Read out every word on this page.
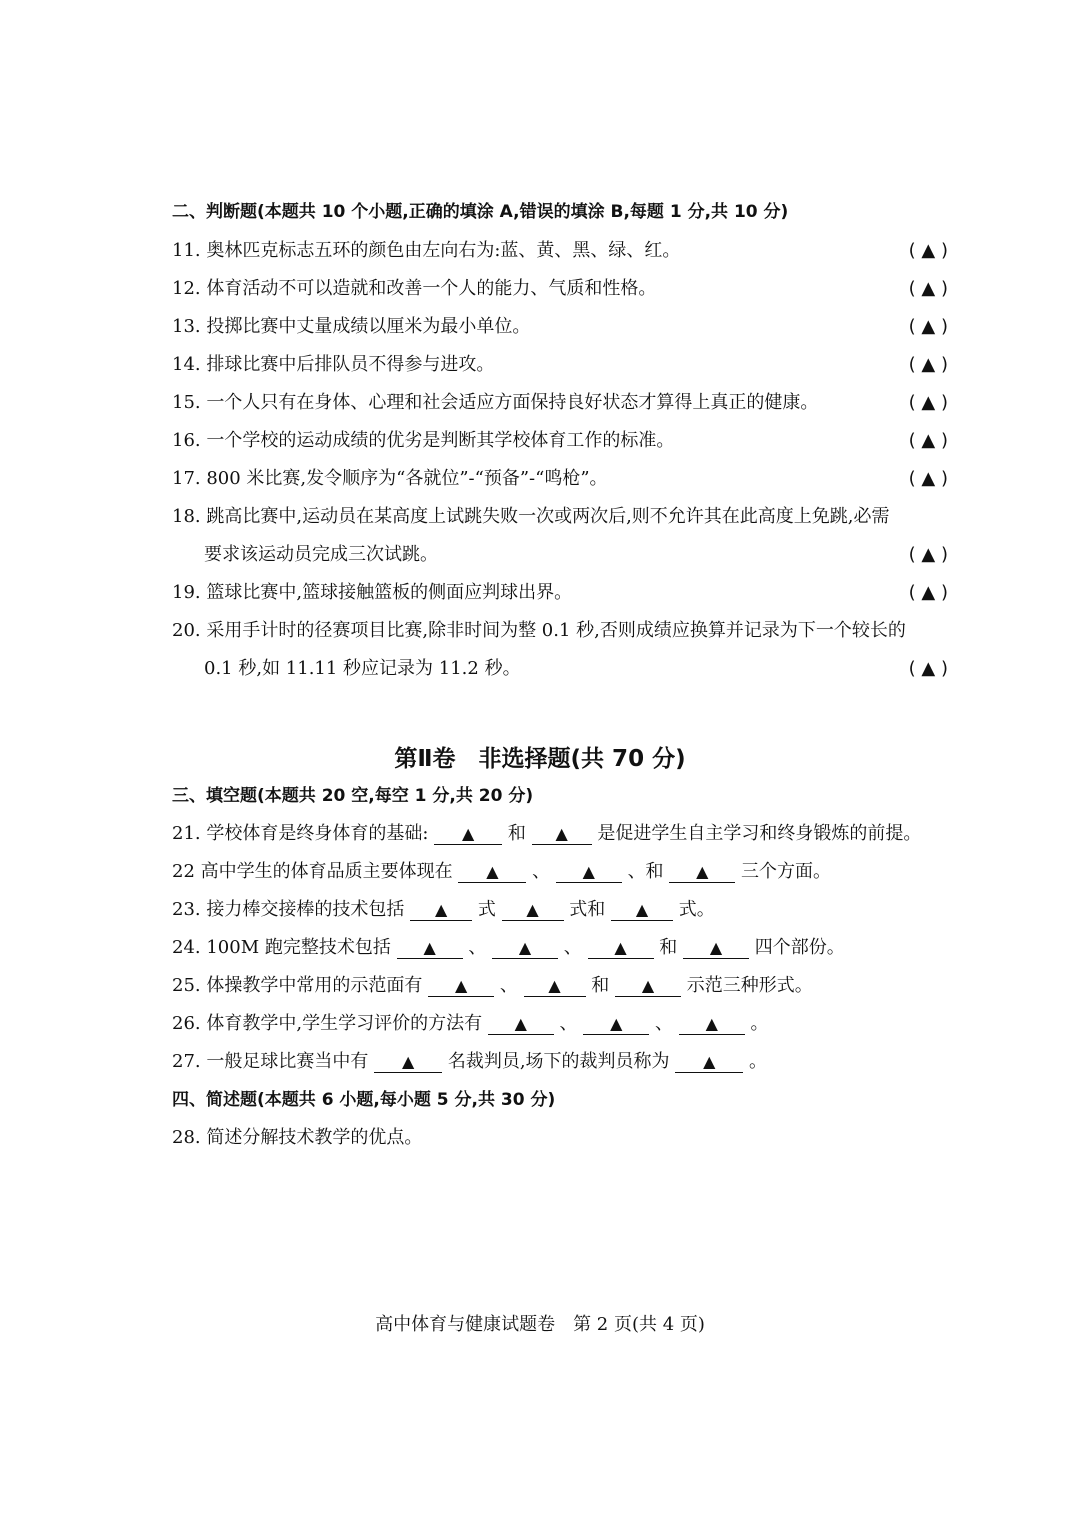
二、判断题(本题共 10 个小题,正确的填涂 A,错误的填涂 B,每题 1 分,共 10 分)
11. 奥林匹克标志五环的颜色由左向右为:蓝、黄、黑、绿、红。	( ▲ )
12. 体育活动不可以造就和改善一个人的能力、气质和性格。	( ▲ )
13. 投掷比赛中丈量成绩以厘米为最小单位。	( ▲ )
14. 排球比赛中后排队员不得参与进攻。	( ▲ )
15. 一个人只有在身体、心理和社会适应方面保持良好状态才算得上真正的健康。	( ▲ )
16. 一个学校的运动成绩的优劣是判断其学校体育工作的标准。	( ▲ )
17. 800 米比赛,发令顺序为“各就位”-“预备”-“鸣枪”。	( ▲ )
18. 跳高比赛中,运动员在某高度上试跳失败一次或两次后,则不允许其在此高度上免跳,必需
要求该运动员完成三次试跳。	( ▲ )
19. 篮球比赛中,篮球接触篮板的侧面应判球出界。	( ▲ )
20. 采用手计时的径赛项目比赛,除非时间为整 0.1 秒,否则成绩应换算并记录为下一个较长的
0.1 秒,如 11.11 秒应记录为 11.2 秒。	( ▲ )
第Ⅱ卷　非选择题(共 70 分)
三、填空题(本题共 20 空,每空 1 分,共 20 分)
21. 学校体育是终身体育的基础: ▲ 和 ▲ 是促进学生自主学习和终身锻炼的前提。
22 高中学生的体育品质主要体现在 ▲ 、 ▲ 、和 ▲ 三个方面。
23. 接力棒交接棒的技术包括 ▲ 式 ▲ 式和 ▲ 式。
24. 100M 跑完整技术包括 ▲ 、 ▲ 、 ▲ 和 ▲ 四个部份。
25. 体操教学中常用的示范面有 ▲ 、 ▲ 和 ▲ 示范三种形式。
26. 体育教学中,学生学习评价的方法有 ▲ 、 ▲ 、 ▲ 。
27. 一般足球比赛当中有 ▲ 名裁判员,场下的裁判员称为 ▲ 。
四、简述题(本题共 6 小题,每小题 5 分,共 30 分)
28. 简述分解技术教学的优点。
高中体育与健康试题卷　第 2 页(共 4 页)
